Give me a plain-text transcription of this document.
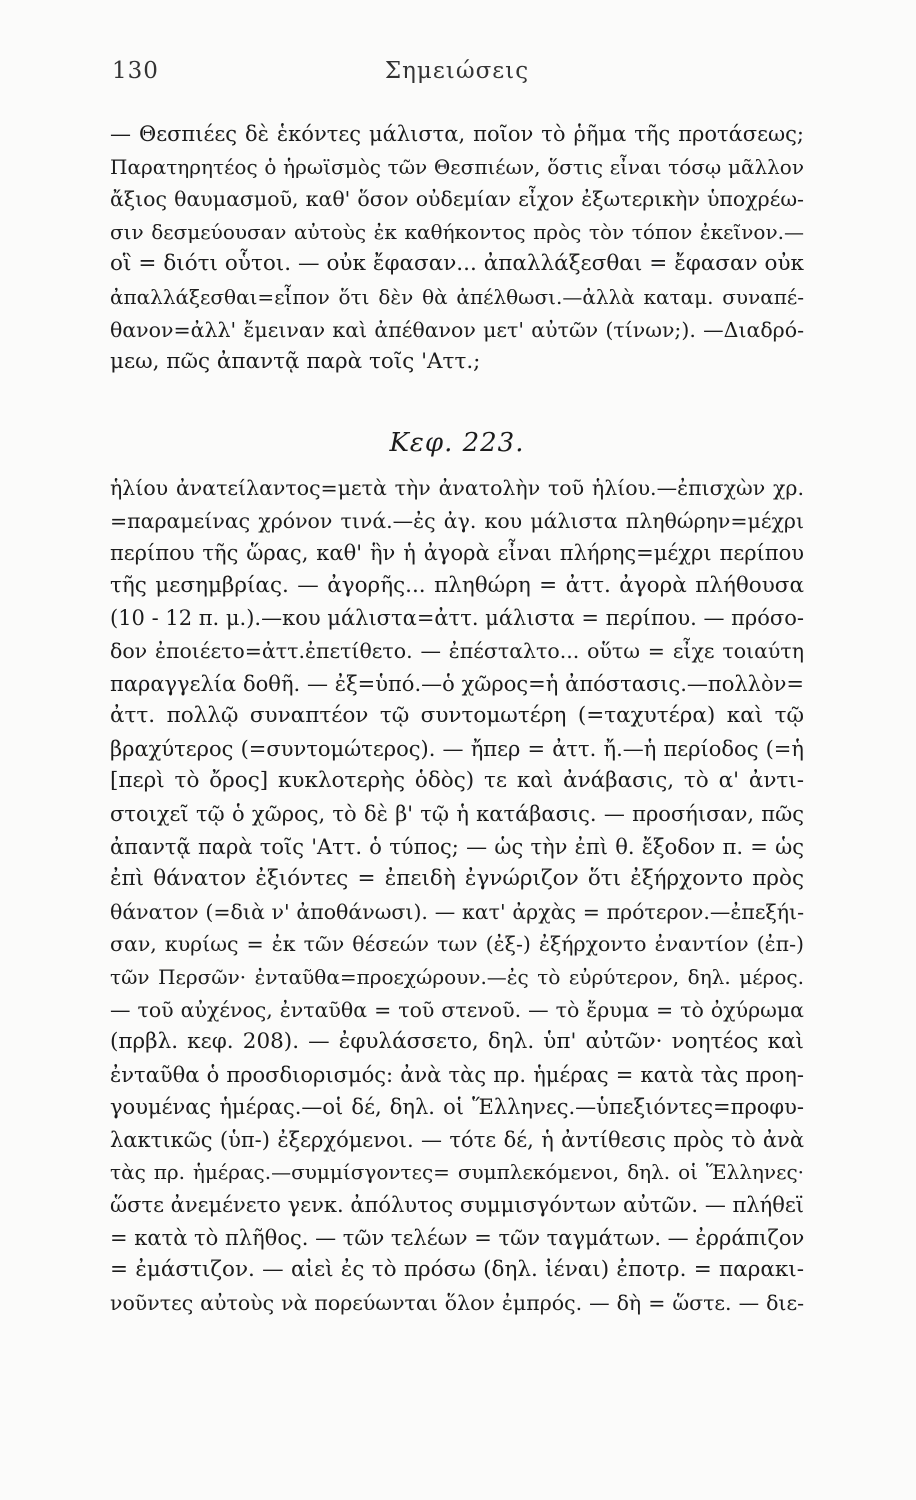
130	Σημειώσεις
— Θεσπιέες δὲ ἑκόντες μάλιστα, ποῖον τὸ ῥῆμα τῆς προτάσεως;
Παρατηρητέος ὁ ἡρωϊσμὸς τῶν Θεσπιέων, ὅστις εἶναι τόσῳ μᾶλλον
ἄξιος θαυμασμοῦ, καθ' ὅσον οὐδεμίαν εἶχον ἐξωτερικὴν ὑποχρέω-
σιν δεσμεύουσαν αὐτοὺς ἐκ καθήκοντος πρὸς τὸν τόπον ἐκεῖνον.—
οἳ = διότι οὗτοι. — οὐκ ἔφασαν... ἀπαλλάξεσθαι = ἔφασαν οὐκ
ἀπαλλάξεσθαι=εἶπον ὅτι δὲν θὰ ἀπέλθωσι.—ἀλλὰ καταμ. συναπέ-
θανον=ἀλλ' ἔμειναν καὶ ἀπέθανον μετ' αὐτῶν (τίνων;). —Διαδρό-
μεω, πῶς ἀπαντᾷ παρὰ τοῖς 'Αττ.;
Κεφ. 223.
ἡλίου ἀνατείλαντος=μετὰ τὴν ἀνατολὴν τοῦ ἡλίου.—ἐπισχὼν χρ.
=παραμείνας χρόνον τινά.—ἐς ἀγ. κου μάλιστα πληθώρην=μέχρι
περίπου τῆς ὥρας, καθ' ἣν ἡ ἀγορὰ εἶναι πλήρης=μέχρι περίπου
τῆς μεσημβρίας. — ἀγορῆς... πληθώρη = ἀττ. ἀγορὰ πλήθουσα
(10 - 12 π. μ.).—κου μάλιστα=ἀττ. μάλιστα = περίπου. — πρόσο-
δον ἐποιέετο=ἀττ.ἐπετίθετο. — ἐπέσταλτο... οὕτω = εἶχε τοιαύτη
παραγγελία δοθῆ. — ἐξ=ὑπό.—ὁ χῶρος=ἡ ἀπόστασις.—πολλὸν=
ἀττ. πολλῷ συναπτέον τῷ συντομωτέρη (=ταχυτέρα) καὶ τῷ
βραχύτερος (=συντομώτερος). — ἤπερ = ἀττ. ἤ.—ἡ περίοδος (=ἡ
[περὶ τὸ ὄρος] κυκλοτερὴς ὁδὸς) τε καὶ ἀνάβασις, τὸ α' ἀντι-
στοιχεῖ τῷ ὁ χῶρος, τὸ δὲ β' τῷ ἡ κατάβασις. — προσήισαν, πῶς
ἀπαντᾷ παρὰ τοῖς 'Αττ. ὁ τύπος; — ὡς τὴν ἐπὶ θ. ἔξοδον π. = ὡς
ἐπὶ θάνατον ἐξιόντες = ἐπειδὴ ἐγνώριζον ὅτι ἐξήρχοντο πρὸς
θάνατον (=διὰ ν' ἀποθάνωσι). — κατ' ἀρχὰς = πρότερον.—ἐπεξήι-
σαν, κυρίως = ἐκ τῶν θέσεών των (ἐξ-) ἐξήρχοντο ἐναντίον (ἐπ-)
τῶν Περσῶν· ἐνταῦθα=προεχώρουν.—ἐς τὸ εὐρύτερον, δηλ. μέρος.
— τοῦ αὐχένος, ἐνταῦθα = τοῦ στενοῦ. — τὸ ἔρυμα = τὸ ὀχύρωμα
(πρβλ. κεφ. 208). — ἐφυλάσσετο, δηλ. ὑπ' αὐτῶν· νοητέος καὶ
ἐνταῦθα ὁ προσδιορισμός: ἀνὰ τὰς πρ. ἡμέρας = κατὰ τὰς προη-
γουμένας ἡμέρας.—οἱ δέ, δηλ. οἱ Ἕλληνες.—ὑπεξιόντες=προφυ-
λακτικῶς (ὑπ-) ἐξερχόμενοι. — τότε δέ, ἡ ἀντίθεσις πρὸς τὸ ἀνὰ
τὰς πρ. ἡμέρας.—συμμίσγοντες= συμπλεκόμενοι, δηλ. οἱ Ἕλληνες·
ὥστε ἀνεμένετο γενκ. ἀπόλυτος συμμισγόντων αὐτῶν. — πλήθεϊ
= κατὰ τὸ πλῆθος. — τῶν τελέων = τῶν ταγμάτων. — ἐρράπιζον
= ἐμάστιζον. — αἰεὶ ἐς τὸ πρόσω (δηλ. ἰέναι) ἐποτρ. = παρακι-
νοῦντες αὐτοὺς νὰ πορεύωνται ὅλον ἐμπρός. — δὴ = ὥστε. — διε-
